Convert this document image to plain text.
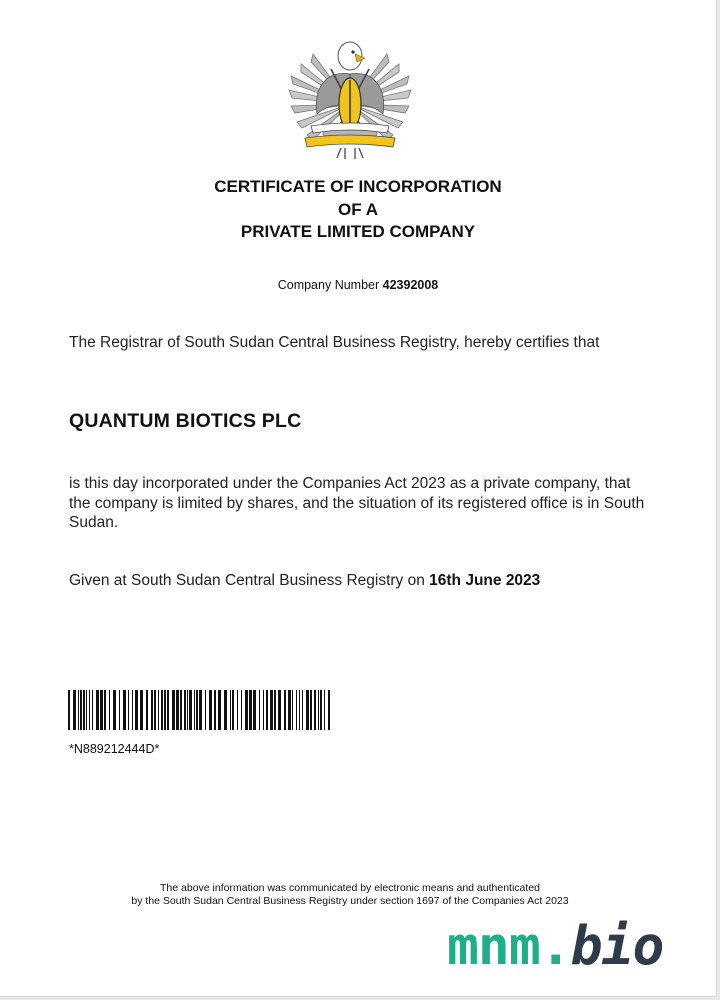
CERTIFICATE OF INCORPORATION
OF A
PRIVATE LIMITED COMPANY
Company Number 42392008
The Registrar of South Sudan Central Business Registry, hereby certifies that
QUANTUM BIOTICS PLC
is this day incorporated under the Companies Act 2023 as a private company, that the company is limited by shares, and the situation of its registered office is in South Sudan.
Given at South Sudan Central Business Registry on 16th June 2023
*N889212444D*
The above information was communicated by electronic means and authenticated
by the South Sudan Central Business Registry under section 1697 of the Companies Act 2023
mnm.bio
